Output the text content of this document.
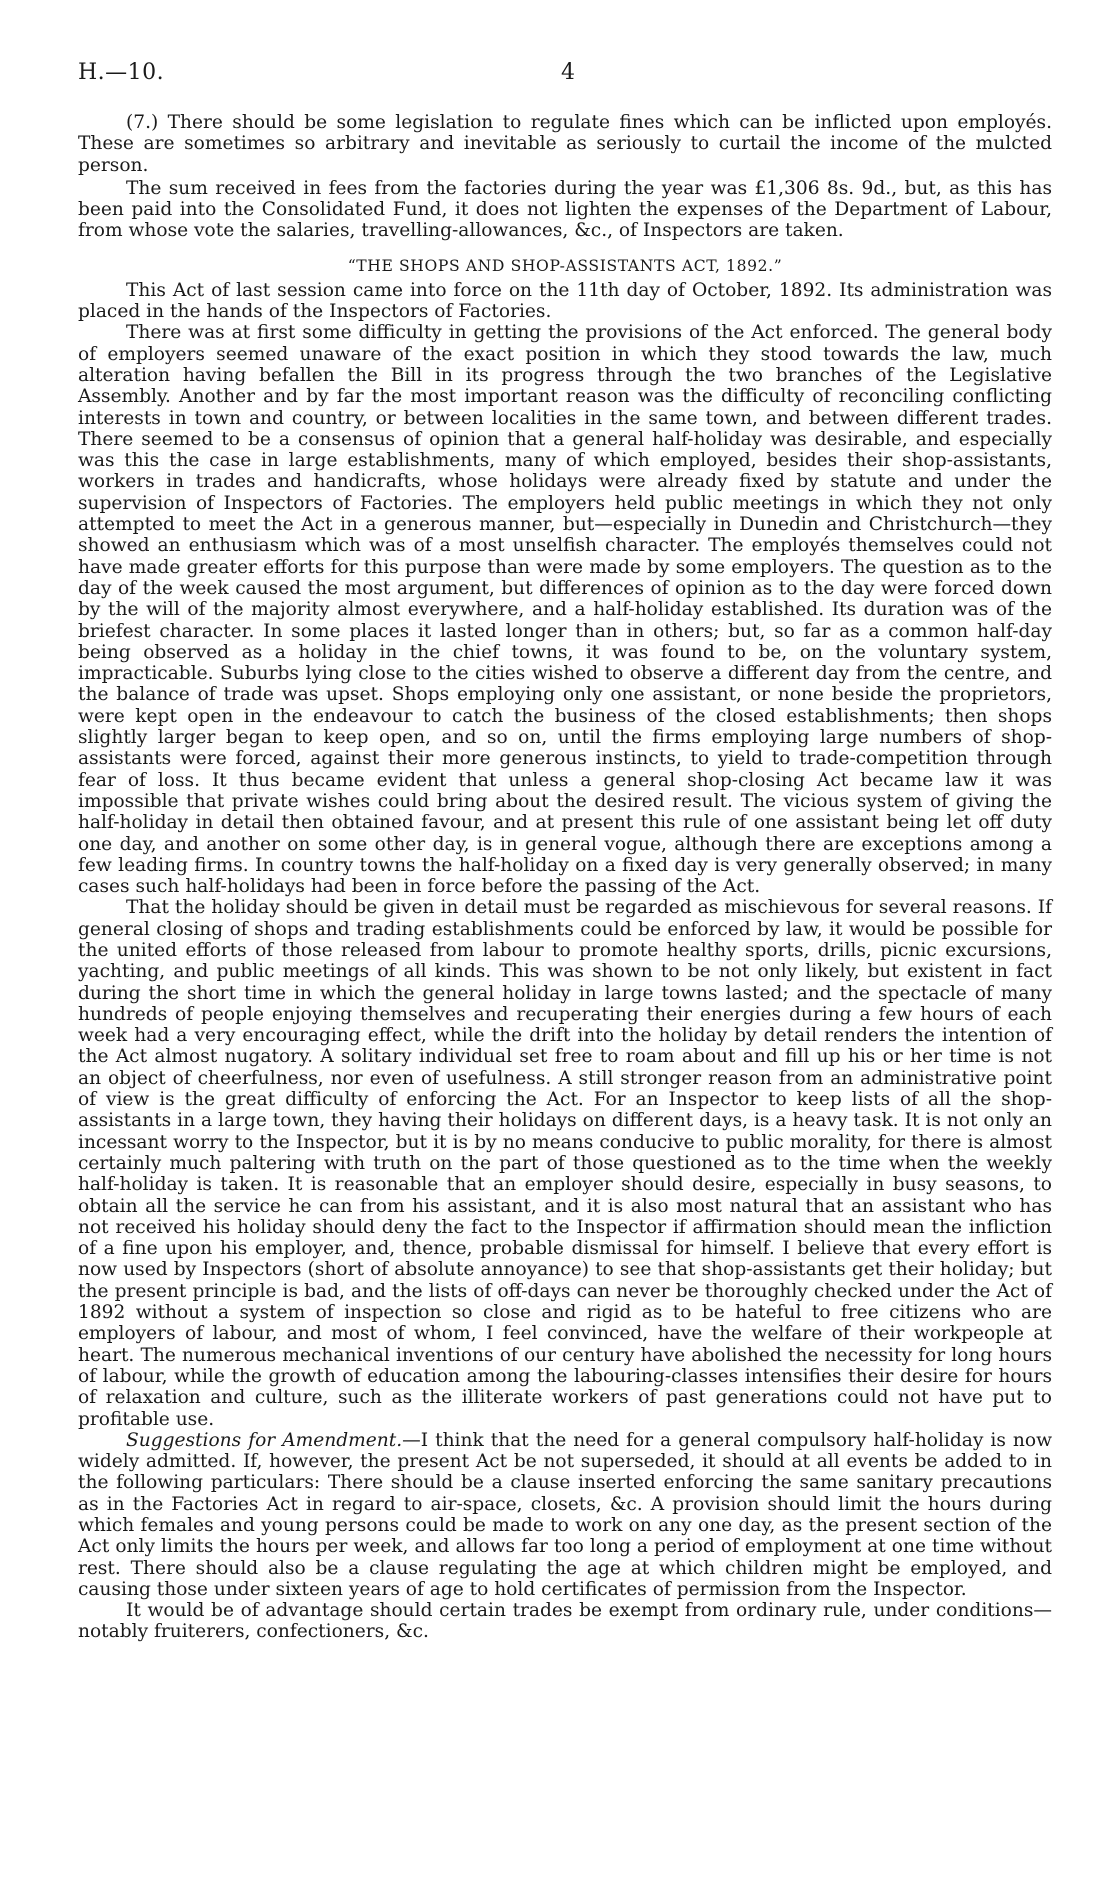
H.—10.	4

(7.) There should be some legislation to regulate fines which can be inflicted upon employés. These are sometimes so arbitrary and inevitable as seriously to curtail the income of the mulcted person.

The sum received in fees from the factories during the year was £1,306 8s. 9d., but, as this has been paid into the Consolidated Fund, it does not lighten the expenses of the Department of Labour, from whose vote the salaries, travelling-allowances, &c., of Inspectors are taken.

“THE SHOPS AND SHOP-ASSISTANTS ACT, 1892.”

This Act of last session came into force on the 11th day of October, 1892. Its administration was placed in the hands of the Inspectors of Factories.

There was at first some difficulty in getting the provisions of the Act enforced. The general body of employers seemed unaware of the exact position in which they stood towards the law, much alteration having befallen the Bill in its progress through the two branches of the Legislative Assembly. Another and by far the most important reason was the difficulty of reconciling conflicting interests in town and country, or between localities in the same town, and between different trades. There seemed to be a consensus of opinion that a general half-holiday was desirable, and especially was this the case in large establishments, many of which employed, besides their shop-assistants, workers in trades and handicrafts, whose holidays were already fixed by statute and under the supervision of Inspectors of Factories. The employers held public meetings in which they not only attempted to meet the Act in a generous manner, but—especially in Dunedin and Christchurch—they showed an enthusiasm which was of a most unselfish character. The employés themselves could not have made greater efforts for this purpose than were made by some employers. The question as to the day of the week caused the most argument, but differences of opinion as to the day were forced down by the will of the majority almost everywhere, and a half-holiday established. Its duration was of the briefest character. In some places it lasted longer than in others; but, so far as a common half-day being observed as a holiday in the chief towns, it was found to be, on the voluntary system, impracticable. Suburbs lying close to the cities wished to observe a different day from the centre, and the balance of trade was upset. Shops employing only one assistant, or none beside the proprietors, were kept open in the endeavour to catch the business of the closed establishments; then shops slightly larger began to keep open, and so on, until the firms employing large numbers of shop-assistants were forced, against their more generous instincts, to yield to trade-competition through fear of loss. It thus became evident that unless a general shop-closing Act became law it was impossible that private wishes could bring about the desired result. The vicious system of giving the half-holiday in detail then obtained favour, and at present this rule of one assistant being let off duty one day, and another on some other day, is in general vogue, although there are exceptions among a few leading firms. In country towns the half-holiday on a fixed day is very generally observed; in many cases such half-holidays had been in force before the passing of the Act.

That the holiday should be given in detail must be regarded as mischievous for several reasons. If general closing of shops and trading establishments could be enforced by law, it would be possible for the united efforts of those released from labour to promote healthy sports, drills, picnic excursions, yachting, and public meetings of all kinds. This was shown to be not only likely, but existent in fact during the short time in which the general holiday in large towns lasted; and the spectacle of many hundreds of people enjoying themselves and recuperating their energies during a few hours of each week had a very encouraging effect, while the drift into the holiday by detail renders the intention of the Act almost nugatory. A solitary individual set free to roam about and fill up his or her time is not an object of cheerfulness, nor even of usefulness. A still stronger reason from an administrative point of view is the great difficulty of enforcing the Act. For an Inspector to keep lists of all the shop-assistants in a large town, they having their holidays on different days, is a heavy task. It is not only an incessant worry to the Inspector, but it is by no means conducive to public morality, for there is almost certainly much paltering with truth on the part of those questioned as to the time when the weekly half-holiday is taken. It is reasonable that an employer should desire, especially in busy seasons, to obtain all the service he can from his assistant, and it is also most natural that an assistant who has not received his holiday should deny the fact to the Inspector if affirmation should mean the infliction of a fine upon his employer, and, thence, probable dismissal for himself. I believe that every effort is now used by Inspectors (short of absolute annoyance) to see that shop-assistants get their holiday; but the present principle is bad, and the lists of off-days can never be thoroughly checked under the Act of 1892 without a system of inspection so close and rigid as to be hateful to free citizens who are employers of labour, and most of whom, I feel convinced, have the welfare of their workpeople at heart. The numerous mechanical inventions of our century have abolished the necessity for long hours of labour, while the growth of education among the labouring-classes intensifies their desire for hours of relaxation and culture, such as the illiterate workers of past generations could not have put to profitable use.

Suggestions for Amendment.—I think that the need for a general compulsory half-holiday is now widely admitted. If, however, the present Act be not superseded, it should at all events be added to in the following particulars: There should be a clause inserted enforcing the same sanitary precautions as in the Factories Act in regard to air-space, closets, &c. A provision should limit the hours during which females and young persons could be made to work on any one day, as the present section of the Act only limits the hours per week, and allows far too long a period of employment at one time without rest. There should also be a clause regulating the age at which children might be employed, and causing those under sixteen years of age to hold certificates of permission from the Inspector.

It would be of advantage should certain trades be exempt from ordinary rule, under conditions—notably fruiterers, confectioners, &c.
